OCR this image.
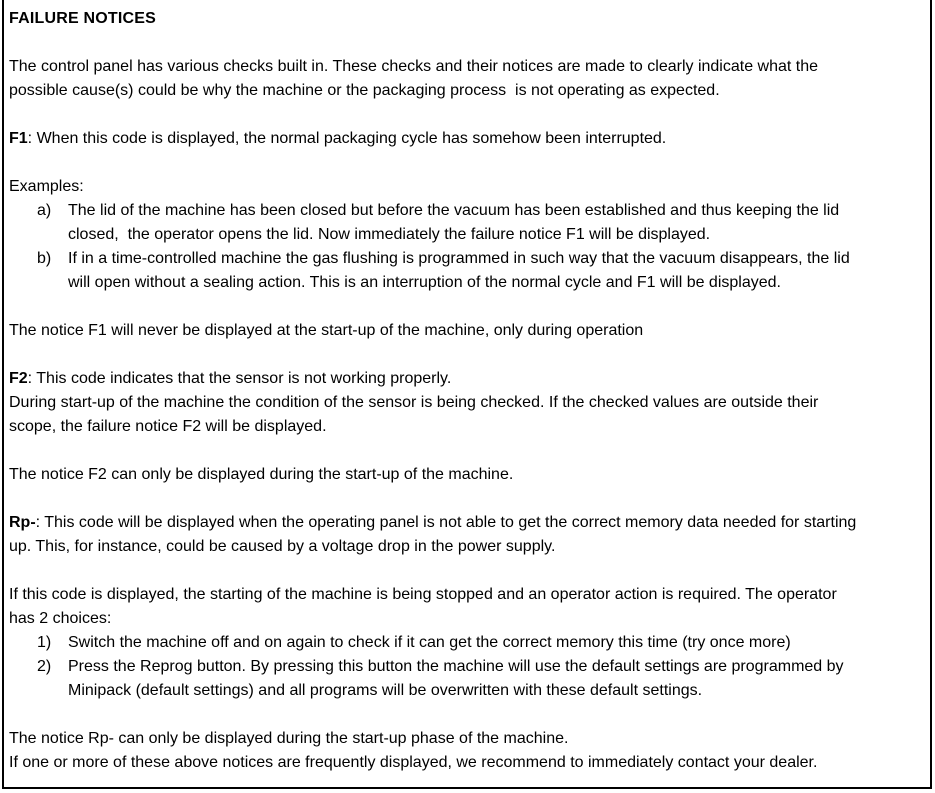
FAILURE NOTICES
The control panel has various checks built in. These checks and their notices are made to clearly indicate what the
possible cause(s) could be why the machine or the packaging process  is not operating as expected.
F1: When this code is displayed, the normal packaging cycle has somehow been interrupted.
Examples:
a) The lid of the machine has been closed but before the vacuum has been established and thus keeping the lid
closed,  the operator opens the lid. Now immediately the failure notice F1 will be displayed.
b) If in a time-controlled machine the gas flushing is programmed in such way that the vacuum disappears, the lid
will open without a sealing action. This is an interruption of the normal cycle and F1 will be displayed.
The notice F1 will never be displayed at the start-up of the machine, only during operation
F2: This code indicates that the sensor is not working properly.
During start-up of the machine the condition of the sensor is being checked. If the checked values are outside their
scope, the failure notice F2 will be displayed.
The notice F2 can only be displayed during the start-up of the machine.
Rp-: This code will be displayed when the operating panel is not able to get the correct memory data needed for starting
up. This, for instance, could be caused by a voltage drop in the power supply.
If this code is displayed, the starting of the machine is being stopped and an operator action is required. The operator
has 2 choices:
1) Switch the machine off and on again to check if it can get the correct memory this time (try once more)
2) Press the Reprog button. By pressing this button the machine will use the default settings are programmed by
Minipack (default settings) and all programs will be overwritten with these default settings.
The notice Rp- can only be displayed during the start-up phase of the machine.
If one or more of these above notices are frequently displayed, we recommend to immediately contact your dealer.
